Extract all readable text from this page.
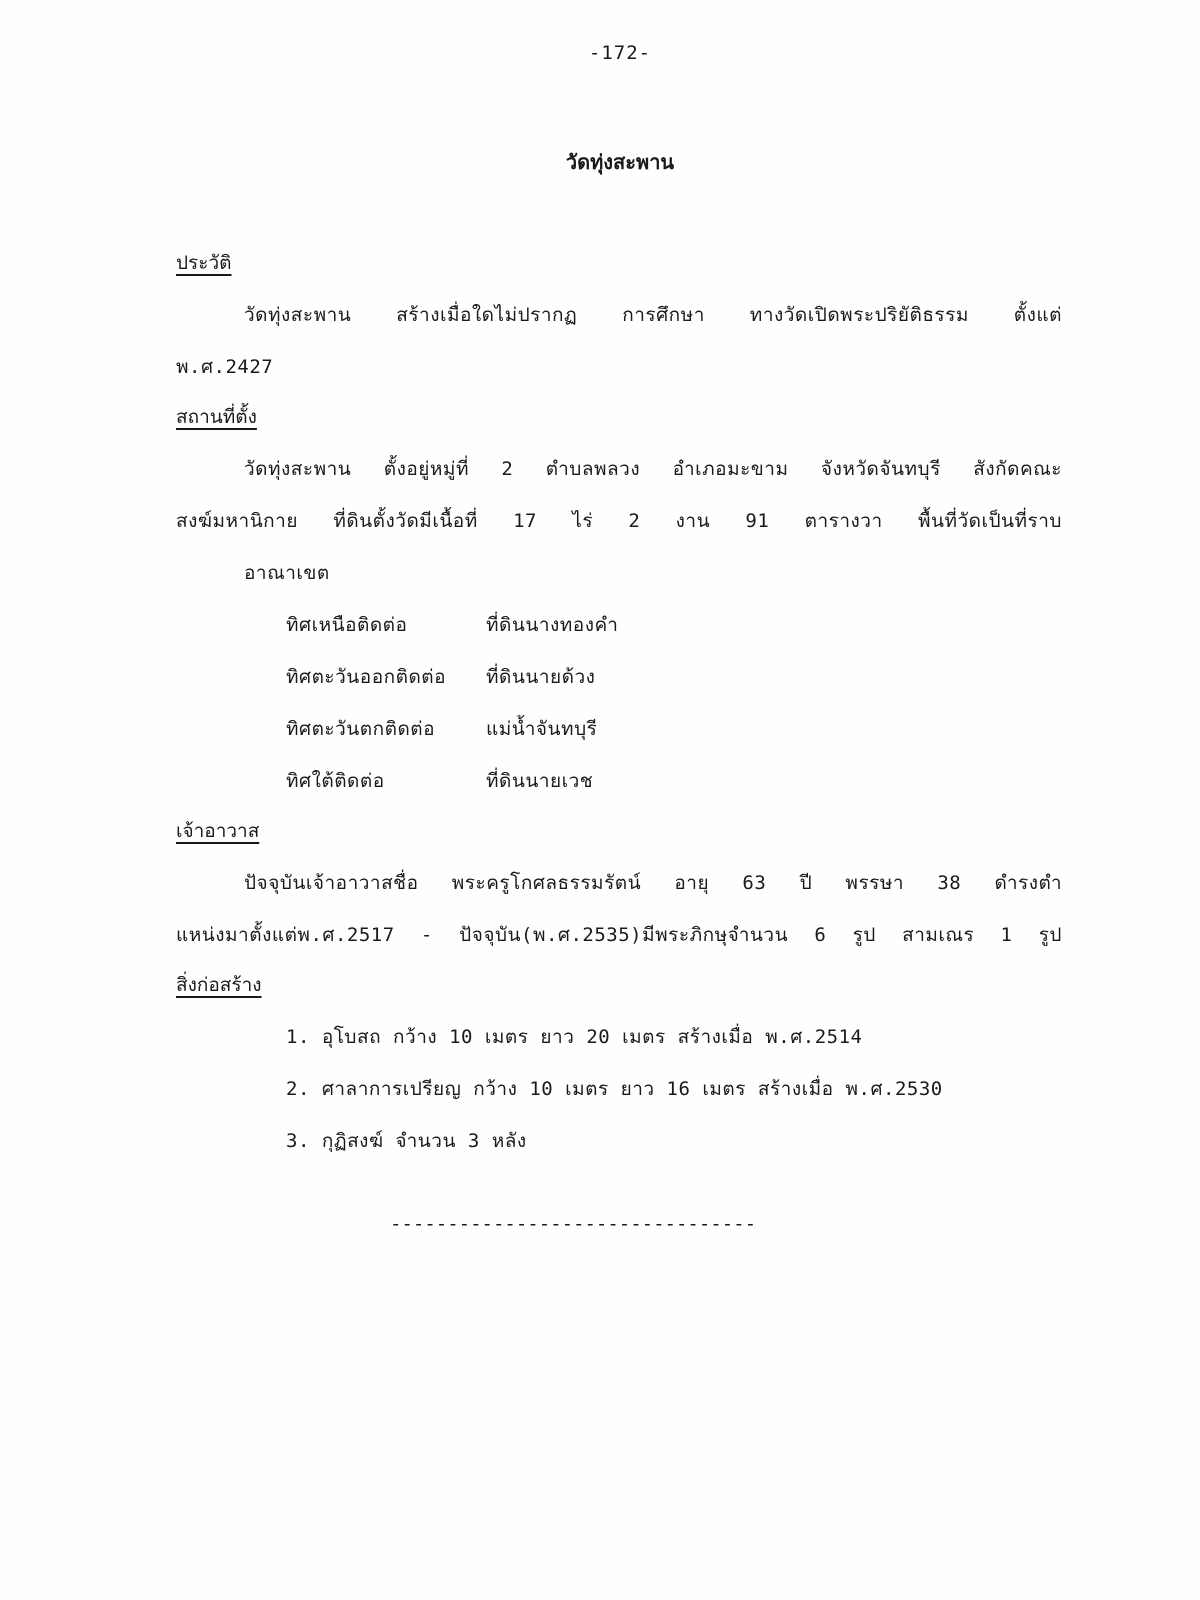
-172-
วัดทุ่งสะพาน
ประวัติ
วัดทุ่งสะพาน สร้างเมื่อใดไม่ปรากฏ การศึกษา ทางวัดเปิดพระปริยัติธรรม ตั้งแต่
พ.ศ.2427
สถานที่ตั้ง
วัดทุ่งสะพาน ตั้งอยู่หมู่ที่ 2 ตำบลพลวง อำเภอมะขาม จังหวัดจันทบุรี สังกัดคณะ
สงฆ์มหานิกาย ที่ดินตั้งวัดมีเนื้อที่ 17 ไร่ 2 งาน 91 ตารางวา พื้นที่วัดเป็นที่ราบ
อาณาเขต
ทิศเหนือติดต่อ	ที่ดินนางทองคำ
ทิศตะวันออกติดต่อ ที่ดินนายด้วง
ทิศตะวันตกติดต่อ	แม่น้ำจันทบุรี
ทิศใต้ติดต่อ	ที่ดินนายเวช
เจ้าอาวาส
ปัจจุบันเจ้าอาวาสชื่อ พระครูโกศลธรรมรัตน์ อายุ 63 ปี พรรษา 38 ดำรงตำ
แหน่งมาตั้งแต่พ.ศ.2517 - ปัจจุบัน(พ.ศ.2535)มีพระภิกษุจำนวน 6 รูป สามเณร 1 รูป
สิ่งก่อสร้าง
1. อุโบสถ กว้าง 10 เมตร ยาว 20 เมตร สร้างเมื่อ พ.ศ.2514
2. ศาลาการเปรียญ กว้าง 10 เมตร ยาว 16 เมตร สร้างเมื่อ พ.ศ.2530
3. กุฏิสงฆ์ จำนวน 3 หลัง
--------------------------------
